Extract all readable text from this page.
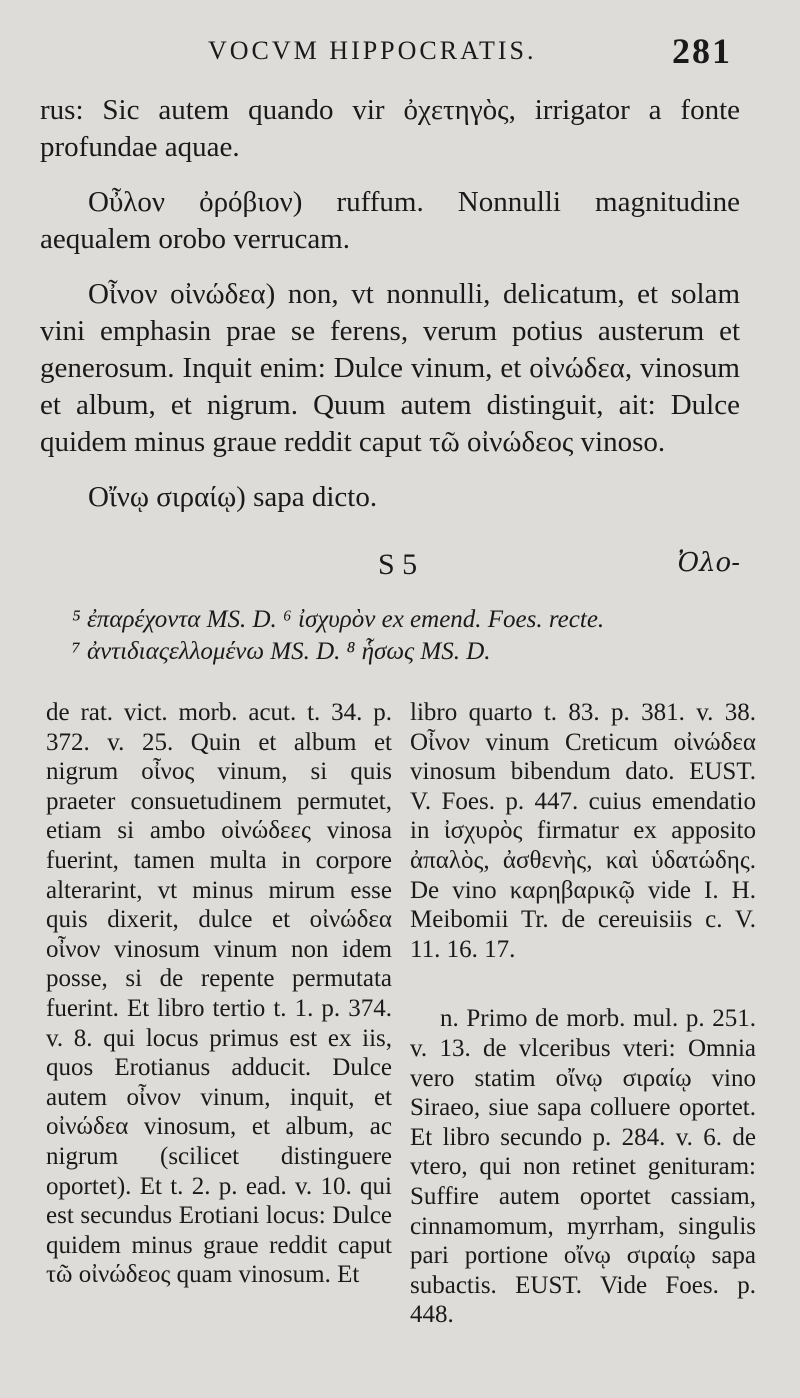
VOCVM HIPPOCRATIS.	281

rus: Sic autem quando vir ὀχετηγὸς, irrigator a fonte profundae aquae.

Οὖλον ὀρόβιον) ruffum. Nonnulli magnitudine aequalem orobo verrucam.

Οἶνον οἰνώδεα) non, vt nonnulli, delicatum, et solam vini emphasin prae se ferens, verum potius austerum et generosum. Inquit enim: Dulce vinum, et οἰνώδεα, vinosum et album, et nigrum. Quum autem distinguit, ait: Dulce quidem minus graue reddit caput τῶ οἰνώδεος vinoso.

Οἴνῳ σιραίῳ) sapa dicto.

S 5	Ὀλο-
⁵ ἐπαρέχοντα MS. D. ⁶ ἰσχυρὸν ex emend. Foes. recte.
⁷ ἀντιδιαςελλομένω MS. D. ⁸ ἧσως MS. D.

de rat. vict. morb. acut. t. 34. p. 372. v. 25. Quin et album et nigrum οἶνος vinum, si quis praeter consuetudinem permutet, etiam si ambo οἰνώδεες vinosa fuerint, tamen multa in corpore alterarint, vt minus mirum esse quis dixerit, dulce et οἰνώδεα οἶνον vinosum vinum non idem posse, si de repente permutata fuerint. Et libro tertio t. 1. p. 374. v. 8. qui locus primus est ex iis, quos Erotianus adducit. Dulce autem οἶνον vinum, inquit, et οἰνώδεα vinosum, et album, ac nigrum (scilicet distinguere oportet). Et t. 2. p. ead. v. 10. qui est secundus Erotiani locus: Dulce quidem minus graue reddit caput τῶ οἰνώδεος quam vinosum. Et

libro quarto t. 83. p. 381. v. 38. Οἶνον vinum Creticum οἰνώδεα vinosum bibendum dato. EUST. V. Foes. p. 447. cuius emendatio in ἰσχυρὸς firmatur ex apposito ἀπαλὸς, ἀσθενὴς, καὶ ὑδατώδης. De vino καρηβαρικῷ vide I. H. Meibomii Tr. de cereuisiis c. V. 11. 16. 17.

n. Primo de morb. mul. p. 251. v. 13. de vlceribus vteri: Omnia vero statim οἴνῳ σιραίῳ vino Siraeo, siue sapa colluere oportet. Et libro secundo p. 284. v. 6. de vtero, qui non retinet genituram: Suffire autem oportet cassiam, cinnamomum, myrrham, singulis pari portione οἴνῳ σιραίῳ sapa subactis. EUST. Vide Foes. p. 448.
